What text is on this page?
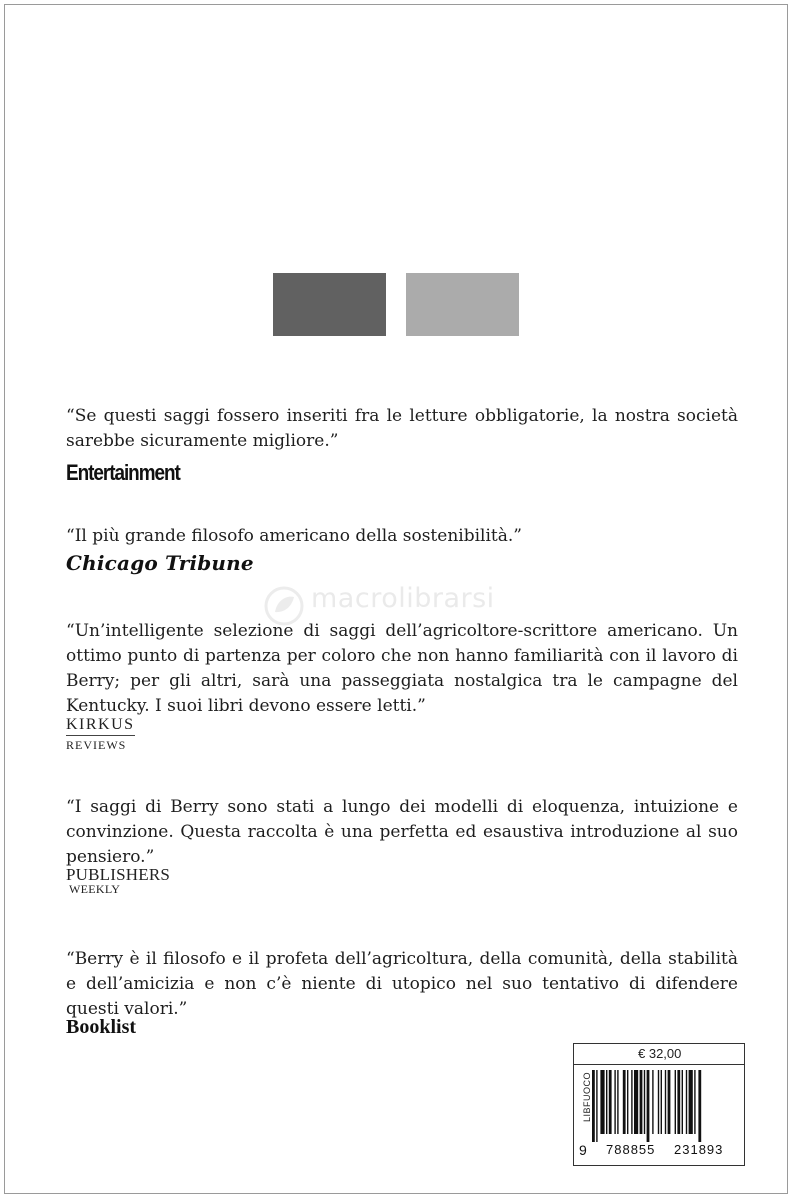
“Se questi saggi fossero inseriti fra le letture obbligatorie, la nostra società sarebbe sicuramente migliore.”
Entertainment
“Il più grande filosofo americano della sostenibilità.”
Chicago Tribune
“Un’intelligente selezione di saggi dell’agricoltore-scrittore americano. Un ottimo punto di partenza per coloro che non hanno familiarità con il lavoro di Berry; per gli altri, sarà una passeggiata nostalgica tra le campagne del Kentucky. I suoi libri devono essere letti.”
KIRKUS
REVIEWS
“I saggi di Berry sono stati a lungo dei modelli di eloquenza, intuizione e convinzione. Questa raccolta è una perfetta ed esaustiva introduzione al suo pensiero.”
PUBLISHERS
WEEKLY
“Berry è il filosofo e il profeta dell’agricoltura, della comunità, della stabilità e dell’amicizia e non c’è niente di utopico nel suo tentativo di difendere questi valori.”
Booklist
macrolibrarsi
€ 32,00
LIBFUOCO
9 788855 231893
